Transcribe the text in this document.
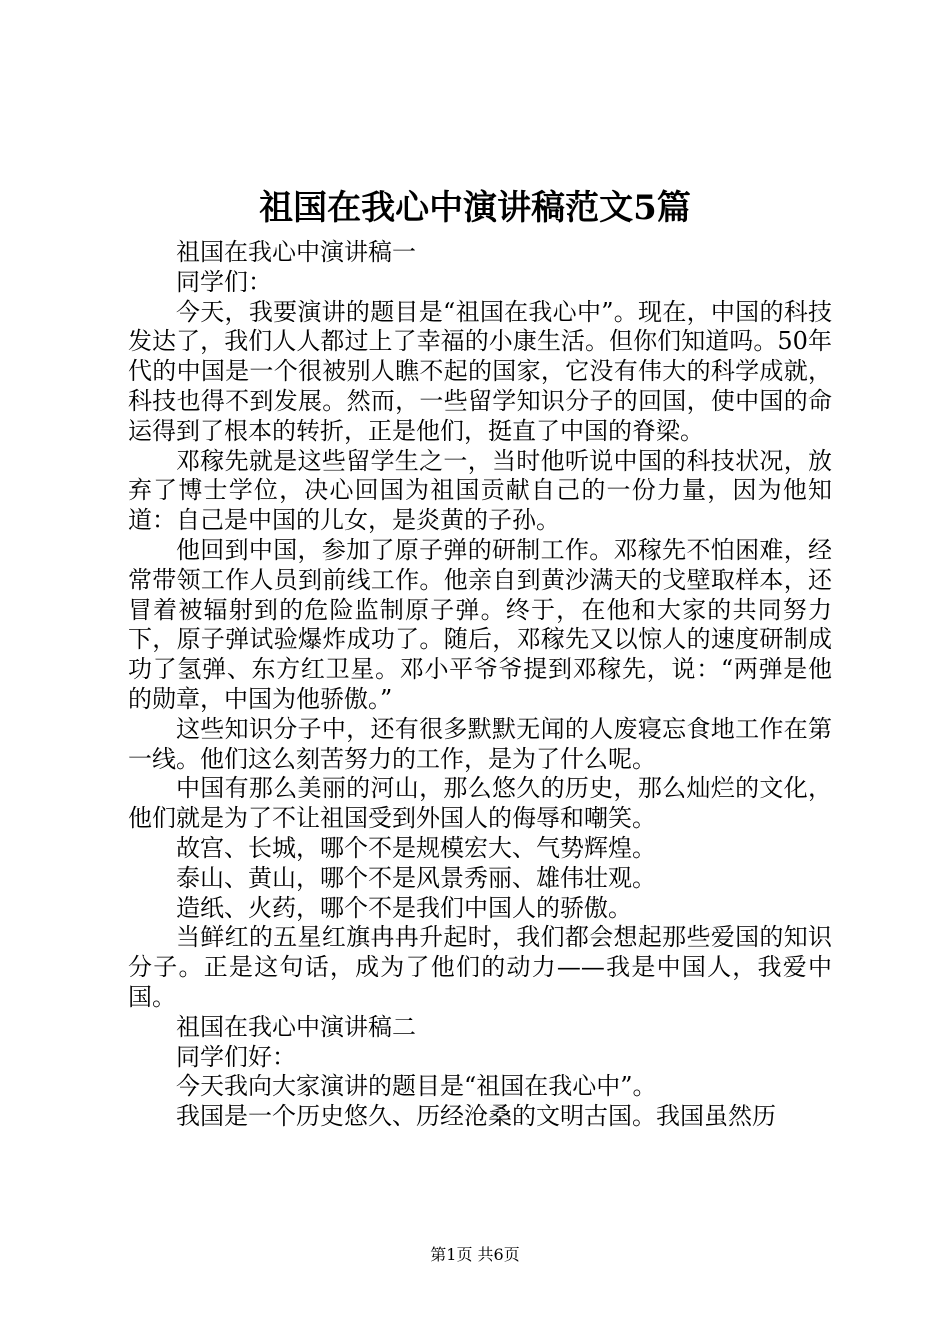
祖国在我心中演讲稿范文5篇

祖国在我心中演讲稿一

同学们：

今天，我要演讲的题目是“祖国在我心中”。现在，中国的科技发达了，我们人人都过上了幸福的小康生活。但你们知道吗。50年代的中国是一个很被别人瞧不起的国家，它没有伟大的科学成就，科技也得不到发展。然而，一些留学知识分子的回国，使中国的命运得到了根本的转折，正是他们，挺直了中国的脊梁。

邓稼先就是这些留学生之一，当时他听说中国的科技状况，放弃了博士学位，决心回国为祖国贡献自己的一份力量，因为他知道：自己是中国的儿女，是炎黄的子孙。

他回到中国，参加了原子弹的研制工作。邓稼先不怕困难，经常带领工作人员到前线工作。他亲自到黄沙满天的戈壁取样本，还冒着被辐射到的危险监制原子弹。终于，在他和大家的共同努力下，原子弹试验爆炸成功了。随后，邓稼先又以惊人的速度研制成功了氢弹、东方红卫星。邓小平爷爷提到邓稼先，说：“两弹是他的勋章，中国为他骄傲。”

这些知识分子中，还有很多默默无闻的人废寝忘食地工作在第一线。他们这么刻苦努力的工作，是为了什么呢。

中国有那么美丽的河山，那么悠久的历史，那么灿烂的文化，他们就是为了不让祖国受到外国人的侮辱和嘲笑。

故宫、长城，哪个不是规模宏大、气势辉煌。

泰山、黄山，哪个不是风景秀丽、雄伟壮观。

造纸、火药，哪个不是我们中国人的骄傲。

当鲜红的五星红旗冉冉升起时，我们都会想起那些爱国的知识分子。正是这句话，成为了他们的动力——我是中国人，我爱中国。

祖国在我心中演讲稿二

同学们好：

今天我向大家演讲的题目是“祖国在我心中”。

我国是一个历史悠久、历经沧桑的文明古国。我国虽然历

第1页 共6页
